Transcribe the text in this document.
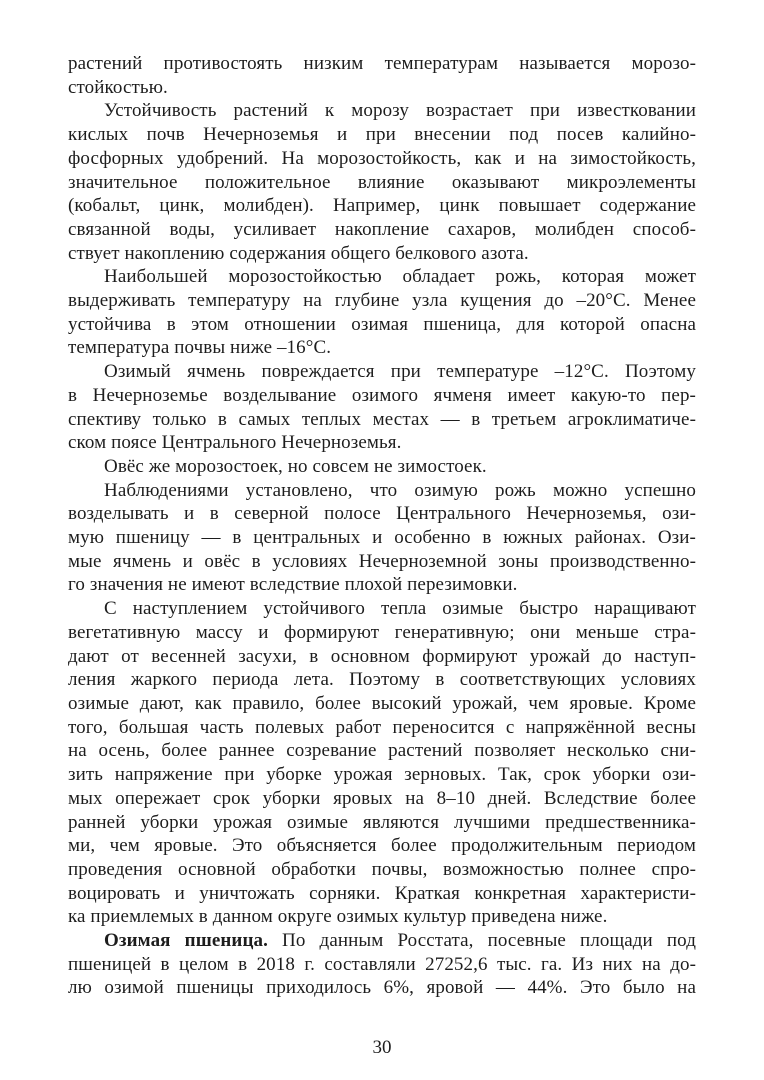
растений противостоять низким температурам называется морозо-
стойкостью.
Устойчивость растений к морозу возрастает при известковании
кислых почв Нечерноземья и при внесении под посев калийно-
фосфорных удобрений. На морозостойкость, как и на зимостойкость,
значительное положительное влияние оказывают микроэлементы
(кобальт, цинк, молибден). Например, цинк повышает содержание
связанной воды, усиливает накопление сахаров, молибден способ-
ствует накоплению содержания общего белкового азота.
Наибольшей морозостойкостью обладает рожь, которая может
выдерживать температуру на глубине узла кущения до –20°С. Менее
устойчива в этом отношении озимая пшеница, для которой опасна
температура почвы ниже –16°С.
Озимый ячмень повреждается при температуре –12°С. Поэтому
в Нечерноземье возделывание озимого ячменя имеет какую-то пер-
спективу только в самых теплых местах — в третьем агроклиматиче-
ском поясе Центрального Нечерноземья.
Овёс же морозостоек, но совсем не зимостоек.
Наблюдениями установлено, что озимую рожь можно успешно
возделывать и в северной полосе Центрального Нечерноземья, ози-
мую пшеницу — в центральных и особенно в южных районах. Ози-
мые ячмень и овёс в условиях Нечерноземной зоны производственно-
го значения не имеют вследствие плохой перезимовки.
С наступлением устойчивого тепла озимые быстро наращивают
вегетативную массу и формируют генеративную; они меньше стра-
дают от весенней засухи, в основном формируют урожай до наступ-
ления жаркого периода лета. Поэтому в соответствующих условиях
озимые дают, как правило, более высокий урожай, чем яровые. Кроме
того, большая часть полевых работ переносится с напряжённой весны
на осень, более раннее созревание растений позволяет несколько сни-
зить напряжение при уборке урожая зерновых. Так, срок уборки ози-
мых опережает срок уборки яровых на 8–10 дней. Вследствие более
ранней уборки урожая озимые являются лучшими предшественника-
ми, чем яровые. Это объясняется более продолжительным периодом
проведения основной обработки почвы, возможностью полнее спро-
воцировать и уничтожать сорняки. Краткая конкретная характеристи-
ка приемлемых в данном округе озимых культур приведена ниже.
Озимая пшеница. По данным Росстата, посевные площади под
пшеницей в целом в 2018 г. составляли 27252,6 тыс. га. Из них на до-
лю озимой пшеницы приходилось 6%, яровой — 44%. Это было на
30
